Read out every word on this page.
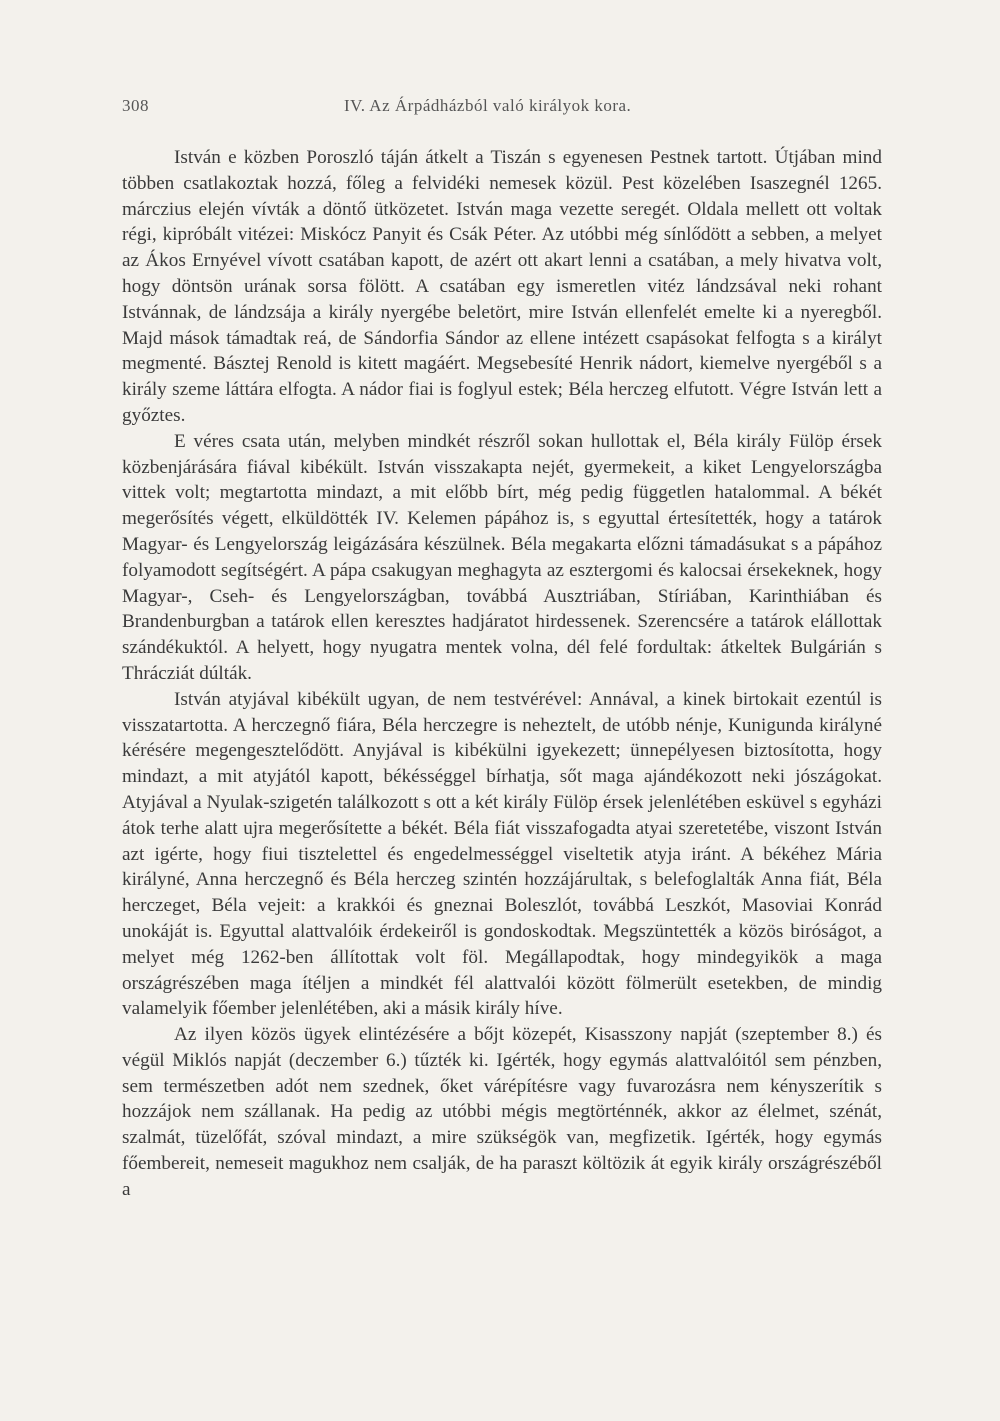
308	IV. Az Árpádházból való királyok kora.

István e közben Poroszló táján átkelt a Tiszán s egyenesen Pestnek tartott. Útjában mind többen csatlakoztak hozzá, főleg a felvidéki nemesek közül. Pest közelében Isaszegnél 1265. márczius elején vívták a döntő ütközetet. István maga vezette seregét. Oldala mellett ott voltak régi, kipróbált vitézei: Miskócz Panyit és Csák Péter. Az utóbbi még sínlődött a sebben, a melyet az Ákos Ernyével vívott csatában kapott, de azért ott akart lenni a csatában, a mely hivatva volt, hogy döntsön urának sorsa fölött. A csatában egy ismeretlen vitéz lándzsával neki rohant Istvánnak, de lándzsája a király nyergébe beletört, mire István ellenfelét emelte ki a nyeregből. Majd mások támadtak reá, de Sándorfia Sándor az ellene intézett csapásokat felfogta s a királyt megmenté. Básztej Renold is kitett magáért. Megsebesíté Henrik nádort, kiemelve nyergéből s a király szeme láttára elfogta. A nádor fiai is foglyul estek; Béla herczeg elfutott. Végre István lett a győztes.

E véres csata után, melyben mindkét részről sokan hullottak el, Béla király Fülöp érsek közbenjárására fiával kibékült. István visszakapta nejét, gyermekeit, a kiket Lengyelországba vittek volt; megtartotta mindazt, a mit előbb bírt, még pedig független hatalommal. A békét megerősítés végett, elküldötték IV. Kelemen pápához is, s egyuttal értesítették, hogy a tatárok Magyar- és Lengyelország leigázására készülnek. Béla megakarta előzni támadásukat s a pápához folyamodott segítségért. A pápa csakugyan meghagyta az esztergomi és kalocsai érsekeknek, hogy Magyar-, Cseh- és Lengyelországban, továbbá Ausztriában, Stíriában, Karinthiában és Brandenburgban a tatárok ellen keresztes hadjáratot hirdessenek. Szerencsére a tatárok elállottak szándékuktól. A helyett, hogy nyugatra mentek volna, dél felé fordultak: átkeltek Bulgárián s Thrácziát dúlták.

István atyjával kibékült ugyan, de nem testvérével: Annával, a kinek birtokait ezentúl is visszatartotta. A herczegnő fiára, Béla herczegre is neheztelt, de utóbb nénje, Kunigunda királyné kérésére megengesztelődött. Anyjával is kibékülni igyekezett; ünnepélyesen biztosította, hogy mindazt, a mit atyjától kapott, békésséggel bírhatja, sőt maga ajándékozott neki jószágokat. Atyjával a Nyulak-szigetén találkozott s ott a két király Fülöp érsek jelenlétében esküvel s egyházi átok terhe alatt ujra megerősítette a békét. Béla fiát visszafogadta atyai szeretetébe, viszont István azt igérte, hogy fiui tisztelettel és engedelmességgel viseltetik atyja iránt. A békéhez Mária királyné, Anna herczegnő és Béla herczeg szintén hozzájárultak, s belefoglalták Anna fiát, Béla herczeget, Béla vejeit: a krakkói és gneznai Boleszlót, továbbá Leszkót, Masoviai Konrád unokáját is. Egyuttal alattvalóik érdekeiről is gondoskodtak. Megszüntették a közös biróságot, a melyet még 1262-ben állítottak volt föl. Megállapodtak, hogy mindegyikök a maga országrészében maga ítéljen a mindkét fél alattvalói között fölmerült esetekben, de mindig valamelyik főember jelenlétében, aki a másik király híve.

Az ilyen közös ügyek elintézésére a bőjt közepét, Kisasszony napját (szeptember 8.) és végül Miklós napját (deczember 6.) tűzték ki. Igérték, hogy egymás alattvalóitól sem pénzben, sem természetben adót nem szednek, őket várépítésre vagy fuvarozásra nem kényszerítik s hozzájok nem szállanak. Ha pedig az utóbbi mégis megtörténnék, akkor az élelmet, szénát, szalmát, tüzelőfát, szóval mindazt, a mire szükségök van, megfizetik. Igérték, hogy egymás főembereit, nemeseit magukhoz nem csalják, de ha paraszt költözik át egyik király országrészéből a
